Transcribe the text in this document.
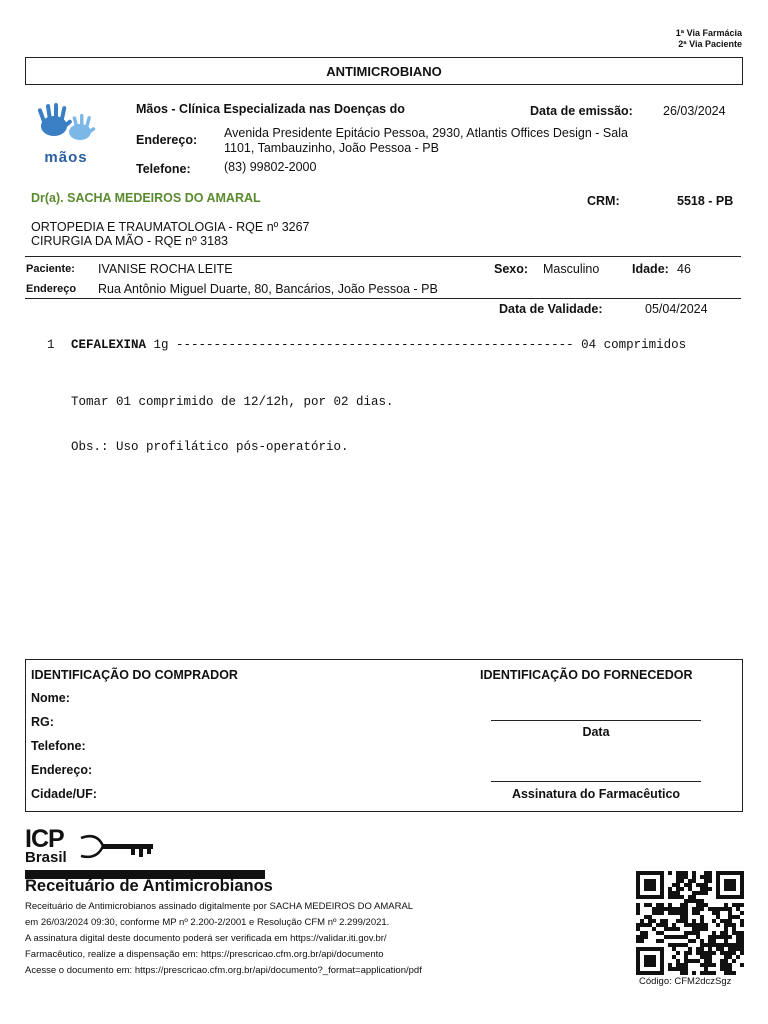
1ª Via Farmácia
2ª Via Paciente
ANTIMICROBIANO
mãos
Mãos - Clínica Especializada nas Doenças do	Data de emissão: 26/03/2024
Endereço: Avenida Presidente Epitácio Pessoa, 2930, Atlantis Offices Design - Sala
1101, Tambauzinho, João Pessoa - PB
Telefone:	(83) 99802-2000
Dr(a). SACHA MEDEIROS DO AMARAL	CRM:	5518 - PB
ORTOPEDIA E TRAUMATOLOGIA - RQE nº 3267
CIRURGIA DA MÃO - RQE nº 3183
Paciente: IVANISE ROCHA LEITE	Sexo: Masculino	Idade: 46
Endereço Rua Antônio Miguel Duarte, 80, Bancários, João Pessoa - PB
Data de Validade:	05/04/2024
1 CEFALEXINA 1g ----------------------------------------------------- 04 comprimidos

Tomar 01 comprimido de 12/12h, por 02 dias.

Obs.: Uso profilático pós-operatório.

IDENTIFICAÇÃO DO COMPRADOR	IDENTIFICAÇÃO DO FORNECEDOR
Nome:
RG:
Telefone:
Endereço:
Cidade/UF:
Data
Assinatura do Farmacêutico
ICP
Brasil
Receituário de Antimicrobianos
Receituário de Antimicrobianos assinado digitalmente por SACHA MEDEIROS DO AMARAL
em 26/03/2024 09:30, conforme MP nº 2.200-2/2001 e Resolução CFM nº 2.299/2021.
A assinatura digital deste documento poderá ser verificada em https://validar.iti.gov.br/
Farmacêutico, realize a dispensação em: https://prescricao.cfm.org.br/api/documento
Acesse o documento em: https://prescricao.cfm.org.br/api/documento?_format=application/pdf
Código: CFM2dczSgz
